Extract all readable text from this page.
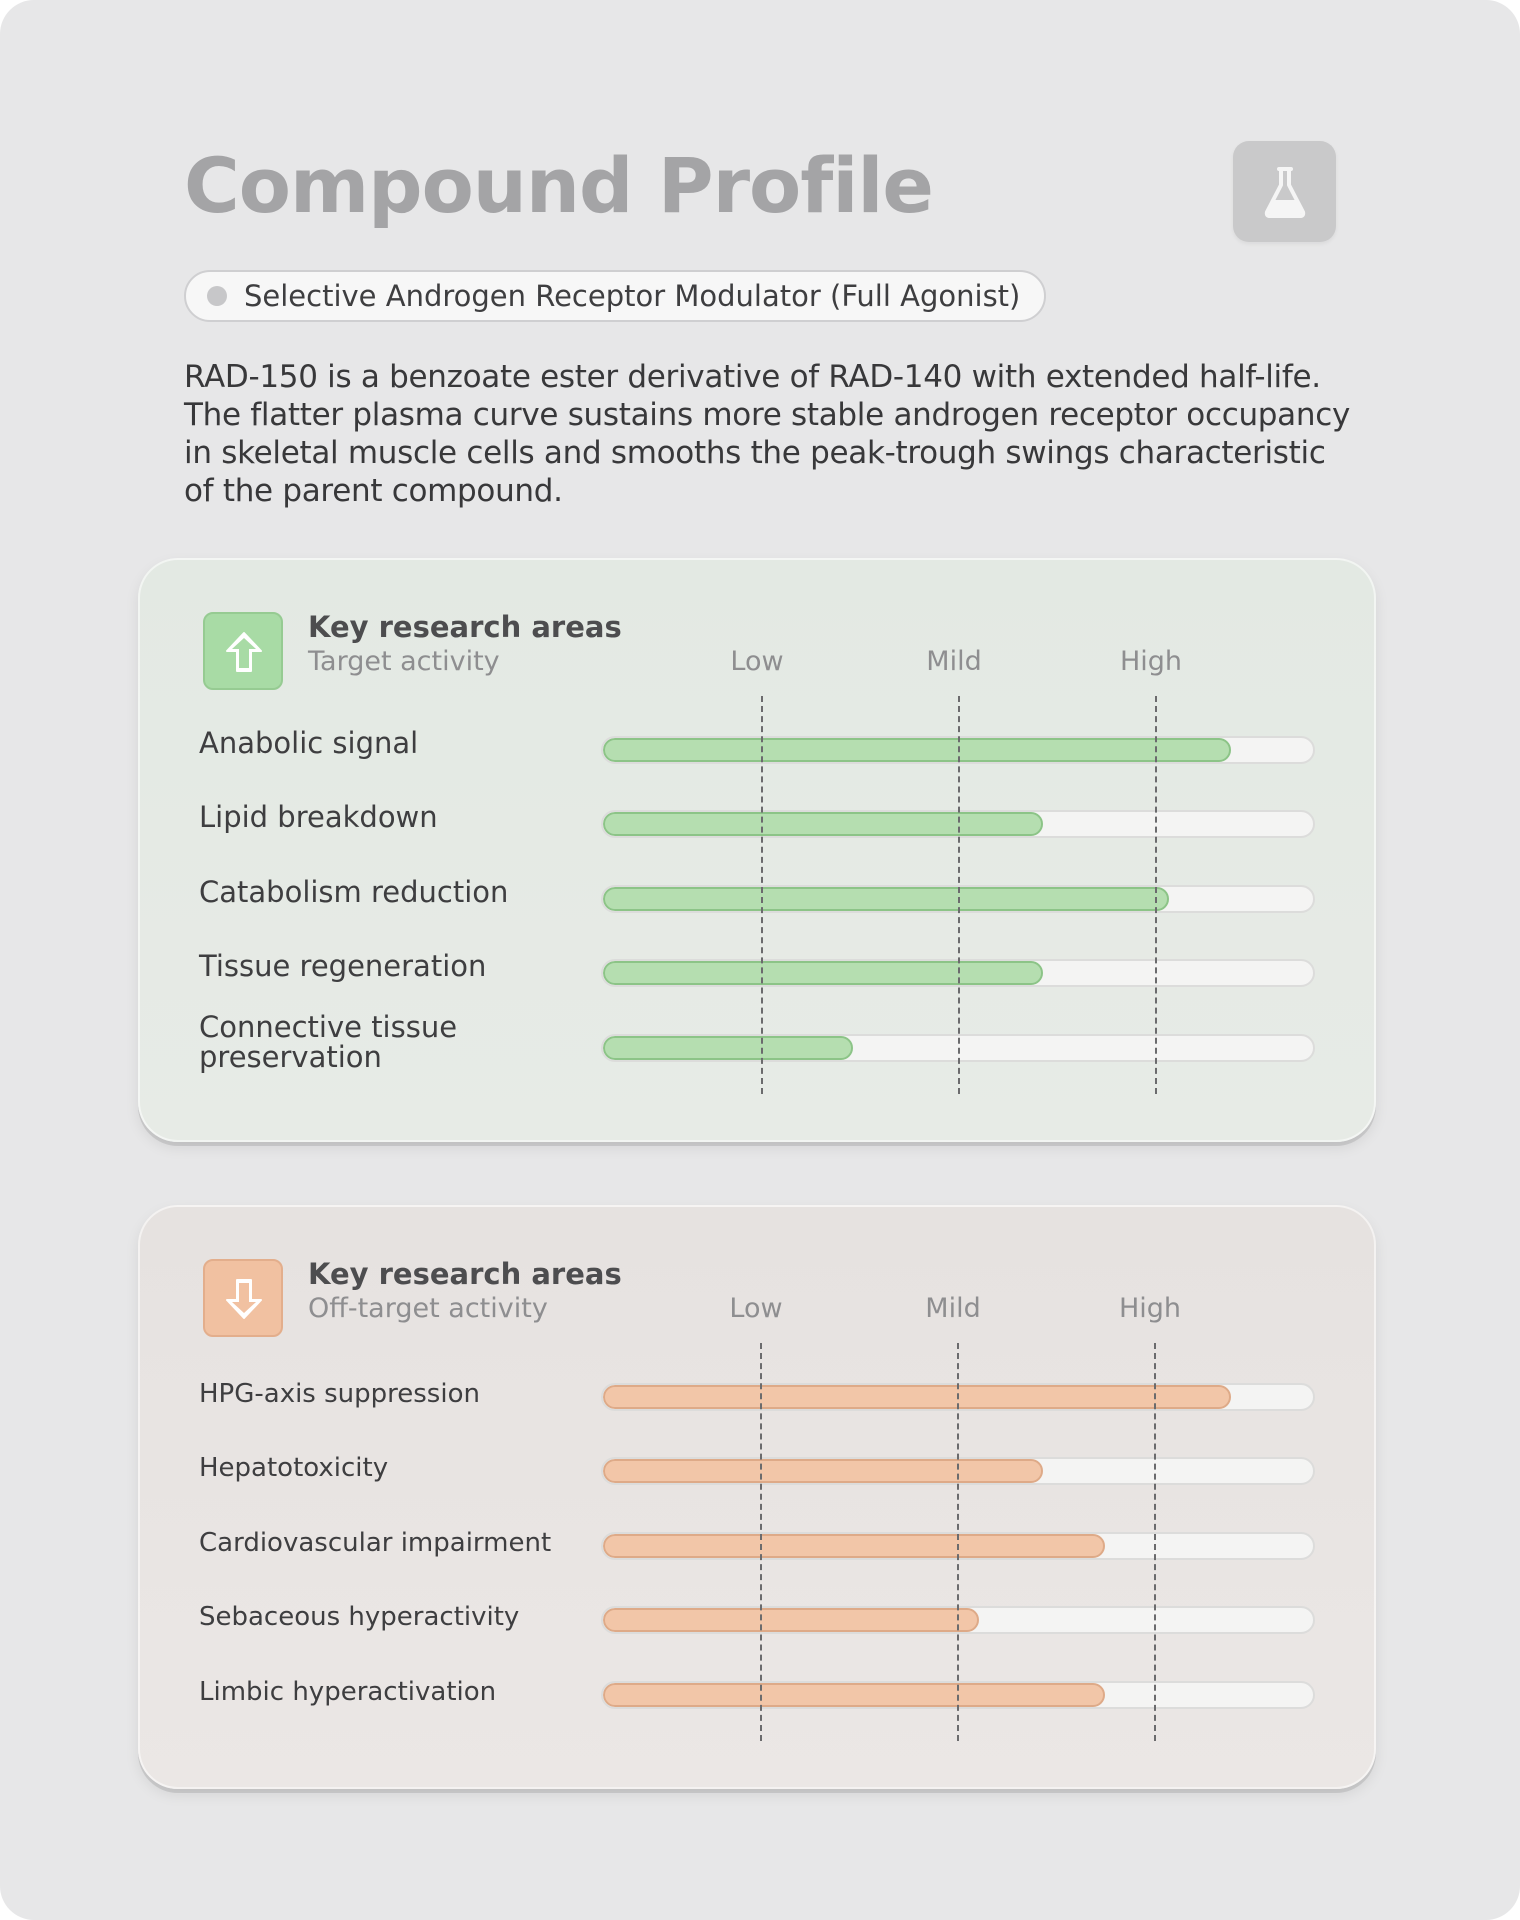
Compound Profile
Selective Androgen Receptor Modulator (Full Agonist)

RAD-150 is a benzoate ester derivative of RAD-140 with extended half-life. The flatter plasma curve sustains more stable androgen receptor occupancy in skeletal muscle cells and smooths the peak-trough swings characteristic of the parent compound.

Key research areas
Target activity	Low	Mild	High
Anabolic signal
Lipid breakdown
Catabolism reduction
Tissue regeneration
Connective tissue preservation
Key research areas
Off-target activity	Low	Mild	High
HPG-axis suppression
Hepatotoxicity
Cardiovascular impairment
Sebaceous hyperactivity
Limbic hyperactivation
